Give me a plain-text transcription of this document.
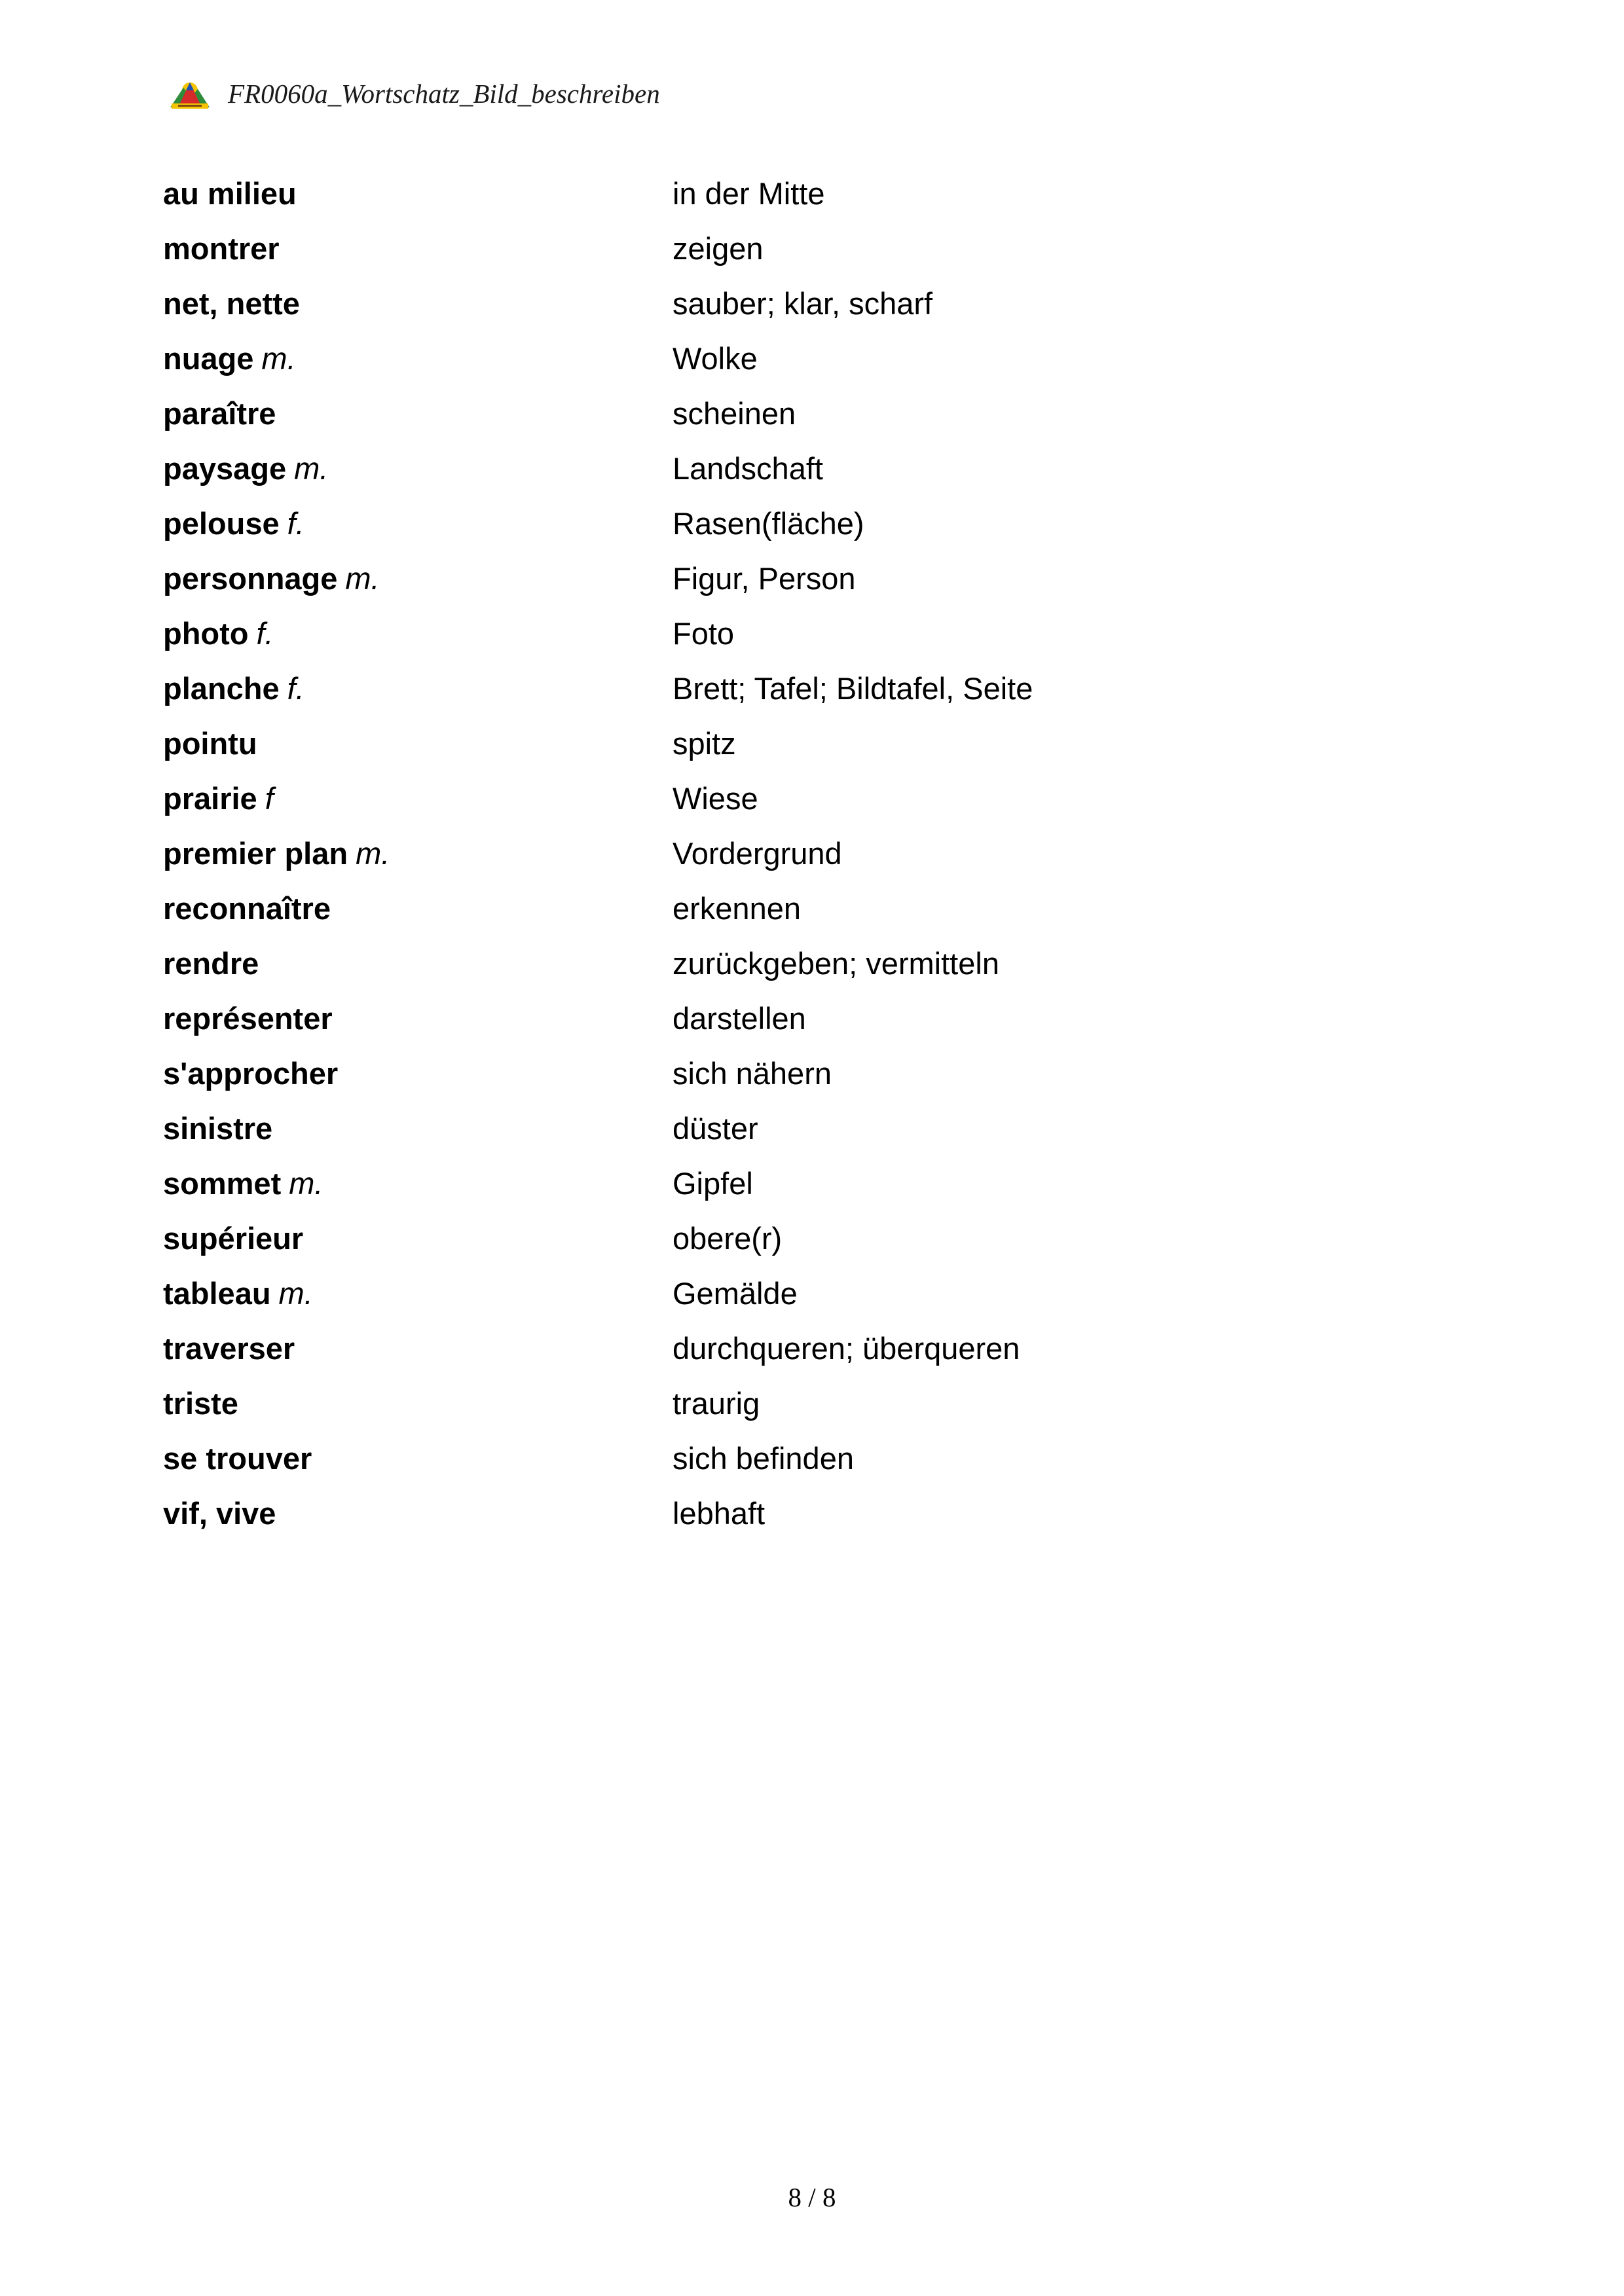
FR0060a_Wortschatz_Bild_beschreiben
au milieu	in der Mitte
montrer	zeigen
net, nette	sauber; klar, scharf
nuage m.	Wolke
paraître	scheinen
paysage m.	Landschaft
pelouse f.	Rasen(fläche)
personnage m.	Figur, Person
photo f.	Foto
planche f.	Brett; Tafel; Bildtafel, Seite
pointu	spitz
prairie f	Wiese
premier plan m.	Vordergrund
reconnaître	erkennen
rendre	zurückgeben; vermitteln
représenter	darstellen
s'approcher	sich nähern
sinistre	düster
sommet m.	Gipfel
supérieur	obere(r)
tableau m.	Gemälde
traverser	durchqueren; überqueren
triste	traurig
se trouver	sich befinden
vif, vive	lebhaft
8 / 8
